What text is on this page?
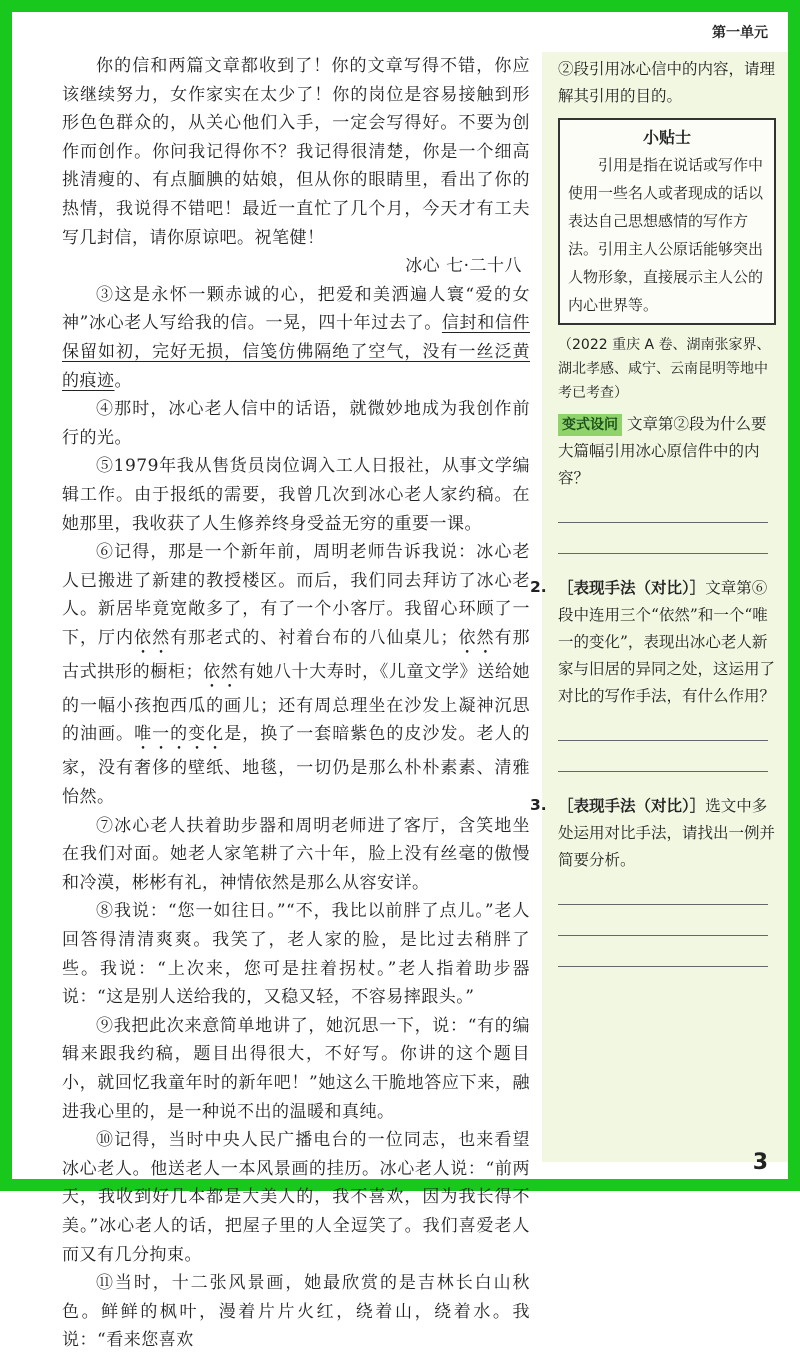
第一单元

你的信和两篇文章都收到了！你的文章写得不错，你应该继续努力，女作家实在太少了！你的岗位是容易接触到形形色色群众的，从关心他们入手，一定会写得好。不要为创作而创作。你问我记得你不？我记得很清楚，你是一个细高挑清瘦的、有点腼腆的姑娘，但从你的眼睛里，看出了你的热情，我说得不错吧！最近一直忙了几个月，今天才有工夫写几封信，请你原谅吧。祝笔健！

冰心 七·二十八

③这是永怀一颗赤诚的心，把爱和美洒遍人寰“爱的女神”冰心老人写给我的信。一晃，四十年过去了。信封和信件保留如初，完好无损，信笺仿佛隔绝了空气，没有一丝泛黄的痕迹。

④那时，冰心老人信中的话语，就微妙地成为我创作前行的光。

⑤1979年我从售货员岗位调入工人日报社，从事文学编辑工作。由于报纸的需要，我曾几次到冰心老人家约稿。在她那里，我收获了人生修养终身受益无穷的重要一课。

⑥记得，那是一个新年前，周明老师告诉我说：冰心老人已搬进了新建的教授楼区。而后，我们同去拜访了冰心老人。新居毕竟宽敞多了，有了一个小客厅。我留心环顾了一下，厅内依然有那老式的、衬着台布的八仙桌儿；依然有那古式拱形的橱柜；依然有她八十大寿时，《儿童文学》送给她的一幅小孩抱西瓜的画儿；还有周总理坐在沙发上凝神沉思的油画。唯一的变化是，换了一套暗紫色的皮沙发。老人的家，没有奢侈的壁纸、地毯，一切仍是那么朴朴素素、清雅怡然。

⑦冰心老人扶着助步器和周明老师进了客厅，含笑地坐在我们对面。她老人家笔耕了六十年，脸上没有丝毫的傲慢和冷漠，彬彬有礼，神情依然是那么从容安详。

⑧我说：“您一如往日。”“不，我比以前胖了点儿。”老人回答得清清爽爽。我笑了，老人家的脸，是比过去稍胖了些。我说：“上次来，您可是拄着拐杖。”老人指着助步器说：“这是别人送给我的，又稳又轻，不容易摔跟头。”

⑨我把此次来意简单地讲了，她沉思一下，说：“有的编辑来跟我约稿，题目出得很大，不好写。你讲的这个题目小，就回忆我童年时的新年吧！”她这么干脆地答应下来，融进我心里的，是一种说不出的温暖和真纯。

⑩记得，当时中央人民广播电台的一位同志，也来看望冰心老人。他送老人一本风景画的挂历。冰心老人说：“前两天，我收到好几本都是大美人的，我不喜欢，因为我长得不美。”冰心老人的话，把屋子里的人全逗笑了。我们喜爱老人而又有几分拘束。

⑪当时，十二张风景画，她最欣赏的是吉林长白山秋色。鲜鲜的枫叶，漫着片片火红，绕着山，绕着水。我说：“看来您喜欢

②段引用冰心信中的内容，请理解其引用的目的。

小贴士
引用是指在说话或写作中使用一些名人或者现成的话以表达自己思想感情的写作方法。引用主人公原话能够突出人物形象，直接展示主人公的内心世界等。

（2022 重庆 A 卷、湖南张家界、湖北孝感、咸宁、云南昆明等地中考已考查）

变式设问 文章第②段为什么要大篇幅引用冰心原信件中的内容？

2. ［表现手法（对比）］文章第⑥段中连用三个“依然”和一个“唯一的变化”，表现出冰心老人新家与旧居的异同之处，这运用了对比的写作手法，有什么作用？

3. ［表现手法（对比）］选文中多处运用对比手法，请找出一例并简要分析。

3
